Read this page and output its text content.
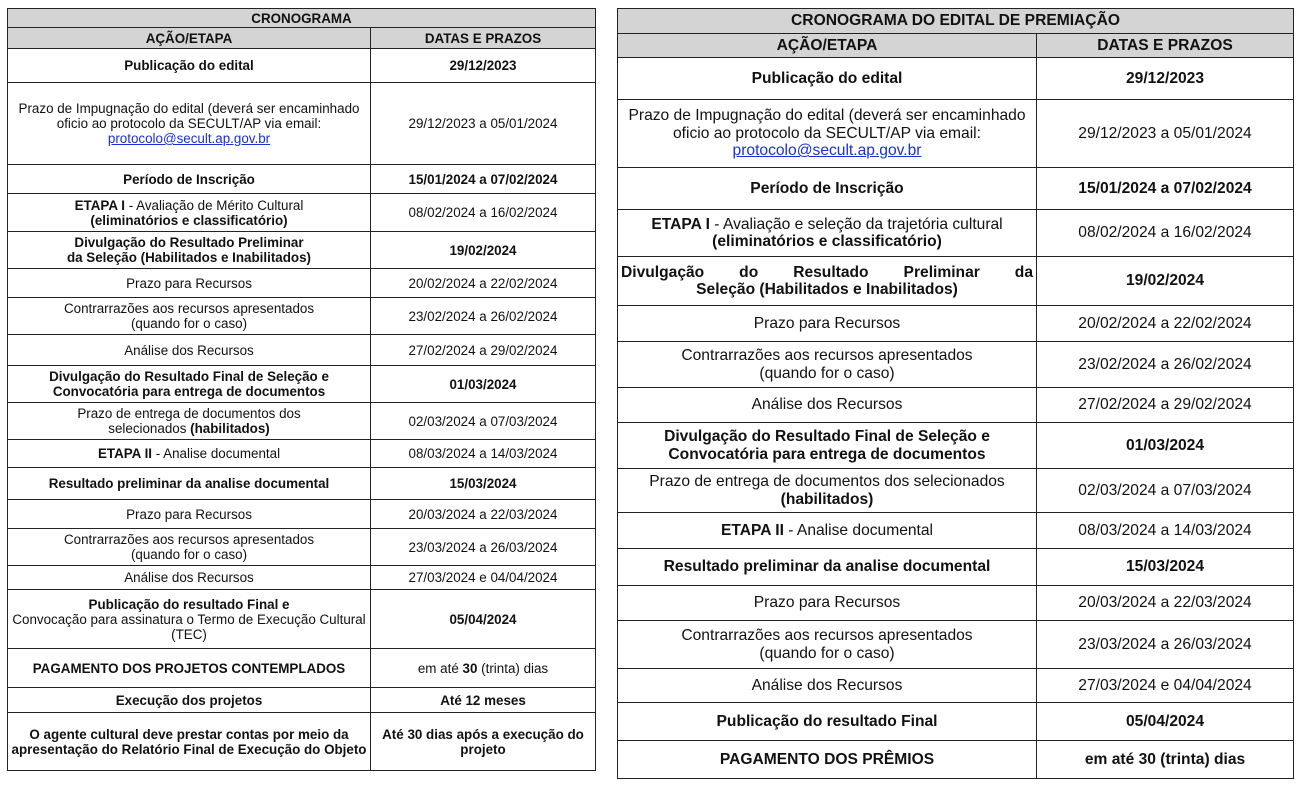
CRONOGRAMA	
AÇÃO/ETAPA	DATAS E PRAZOS
Publicação do edital	29/12/2023
Prazo de Impugnação do edital (deverá ser encaminhado oficio ao protocolo da SECULT/AP via email:
protocolo@secult.ap.gov.br	29/12/2023 a 05/01/2024
Período de Inscrição	15/01/2024 a 07/02/2024
ETAPA I - Avaliação de Mérito Cultural
(eliminatórios e classificatório)	08/02/2024 a 16/02/2024
Divulgação do Resultado Preliminar
da Seleção (Habilitados e Inabilitados)	19/02/2024
Prazo para Recursos	20/02/2024 a 22/02/2024
Contrarrazões aos recursos apresentados
(quando for o caso)	23/02/2024 a 26/02/2024
Análise dos Recursos	27/02/2024 a 29/02/2024
Divulgação do Resultado Final de Seleção e
Convocatória para entrega de documentos	01/03/2024
Prazo de entrega de documentos dos
selecionados (habilitados)	02/03/2024 a 07/03/2024
ETAPA II - Analise documental	08/03/2024 a 14/03/2024
Resultado preliminar da analise documental	15/03/2024
Prazo para Recursos	20/03/2024 a 22/03/2024
Contrarrazões aos recursos apresentados
(quando for o caso)	23/03/2024 a 26/03/2024
Análise dos Recursos	27/03/2024 e 04/04/2024
Publicação do resultado Final e
Convocação para assinatura o Termo de Execução Cultural (TEC)	05/04/2024
PAGAMENTO DOS PROJETOS CONTEMPLADOS	em até 30 (trinta) dias
Execução dos projetos	Até 12 meses
O agente cultural deve prestar contas por meio da apresentação do Relatório Final de Execução do Objeto	Até 30 dias após a execução do projeto
CRONOGRAMA DO EDITAL DE PREMIAÇÃO	
AÇÃO/ETAPA	DATAS E PRAZOS
Publicação do edital	29/12/2023
Prazo de Impugnação do edital (deverá ser encaminhado oficio ao protocolo da SECULT/AP via email: protocolo@secult.ap.gov.br	29/12/2023 a 05/01/2024
Período de Inscrição	15/01/2024 a 07/02/2024
ETAPA I - Avaliação e seleção da trajetória cultural
(eliminatórios e classificatório)	08/02/2024 a 16/02/2024

Divulgação do Resultado Preliminar da
Seleção (Habilitados e Inabilitados)	19/02/2024
Prazo para Recursos	20/02/2024 a 22/02/2024
Contrarrazões aos recursos apresentados
(quando for o caso)	23/02/2024 a 26/02/2024
Análise dos Recursos	27/02/2024 a 29/02/2024
Divulgação do Resultado Final de Seleção e
Convocatória para entrega de documentos	01/03/2024
Prazo de entrega de documentos dos selecionados
(habilitados)	02/03/2024 a 07/03/2024
ETAPA II - Analise documental	08/03/2024 a 14/03/2024
Resultado preliminar da analise documental	15/03/2024
Prazo para Recursos	20/03/2024 a 22/03/2024
Contrarrazões aos recursos apresentados
(quando for o caso)	23/03/2024 a 26/03/2024
Análise dos Recursos	27/03/2024 e 04/04/2024
Publicação do resultado Final	05/04/2024
PAGAMENTO DOS PRÊMIOS	em até 30 (trinta) dias
